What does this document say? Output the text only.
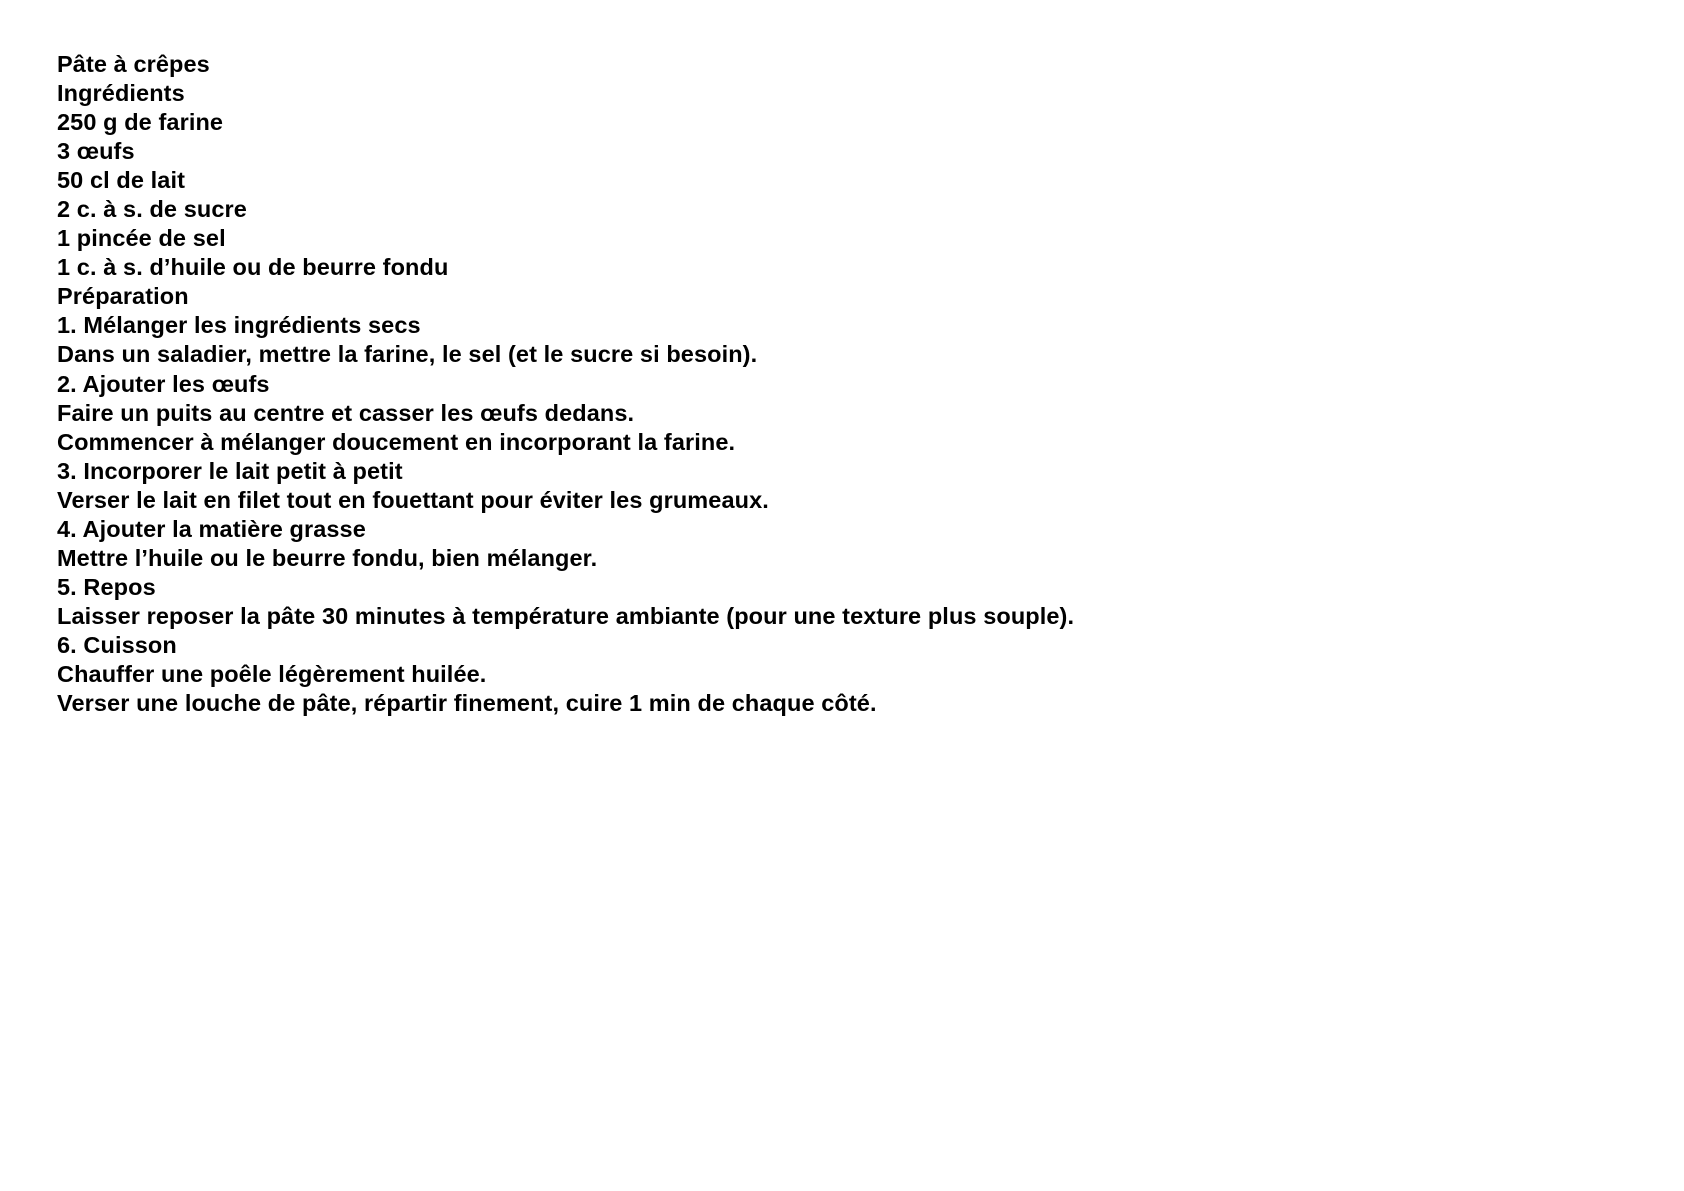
Pâte à crêpes
Ingrédients
250 g de farine
3 œufs
50 cl de lait
2 c. à s. de sucre
1 pincée de sel
1 c. à s. d’huile ou de beurre fondu
Préparation
1. Mélanger les ingrédients secs
Dans un saladier, mettre la farine, le sel (et le sucre si besoin).
2. Ajouter les œufs
Faire un puits au centre et casser les œufs dedans.
Commencer à mélanger doucement en incorporant la farine.
3. Incorporer le lait petit à petit
Verser le lait en filet tout en fouettant pour éviter les grumeaux.
4. Ajouter la matière grasse
Mettre l’huile ou le beurre fondu, bien mélanger.
5. Repos
Laisser reposer la pâte 30 minutes à température ambiante (pour une texture plus souple).
6. Cuisson
Chauffer une poêle légèrement huilée.
Verser une louche de pâte, répartir finement, cuire 1 min de chaque côté.
